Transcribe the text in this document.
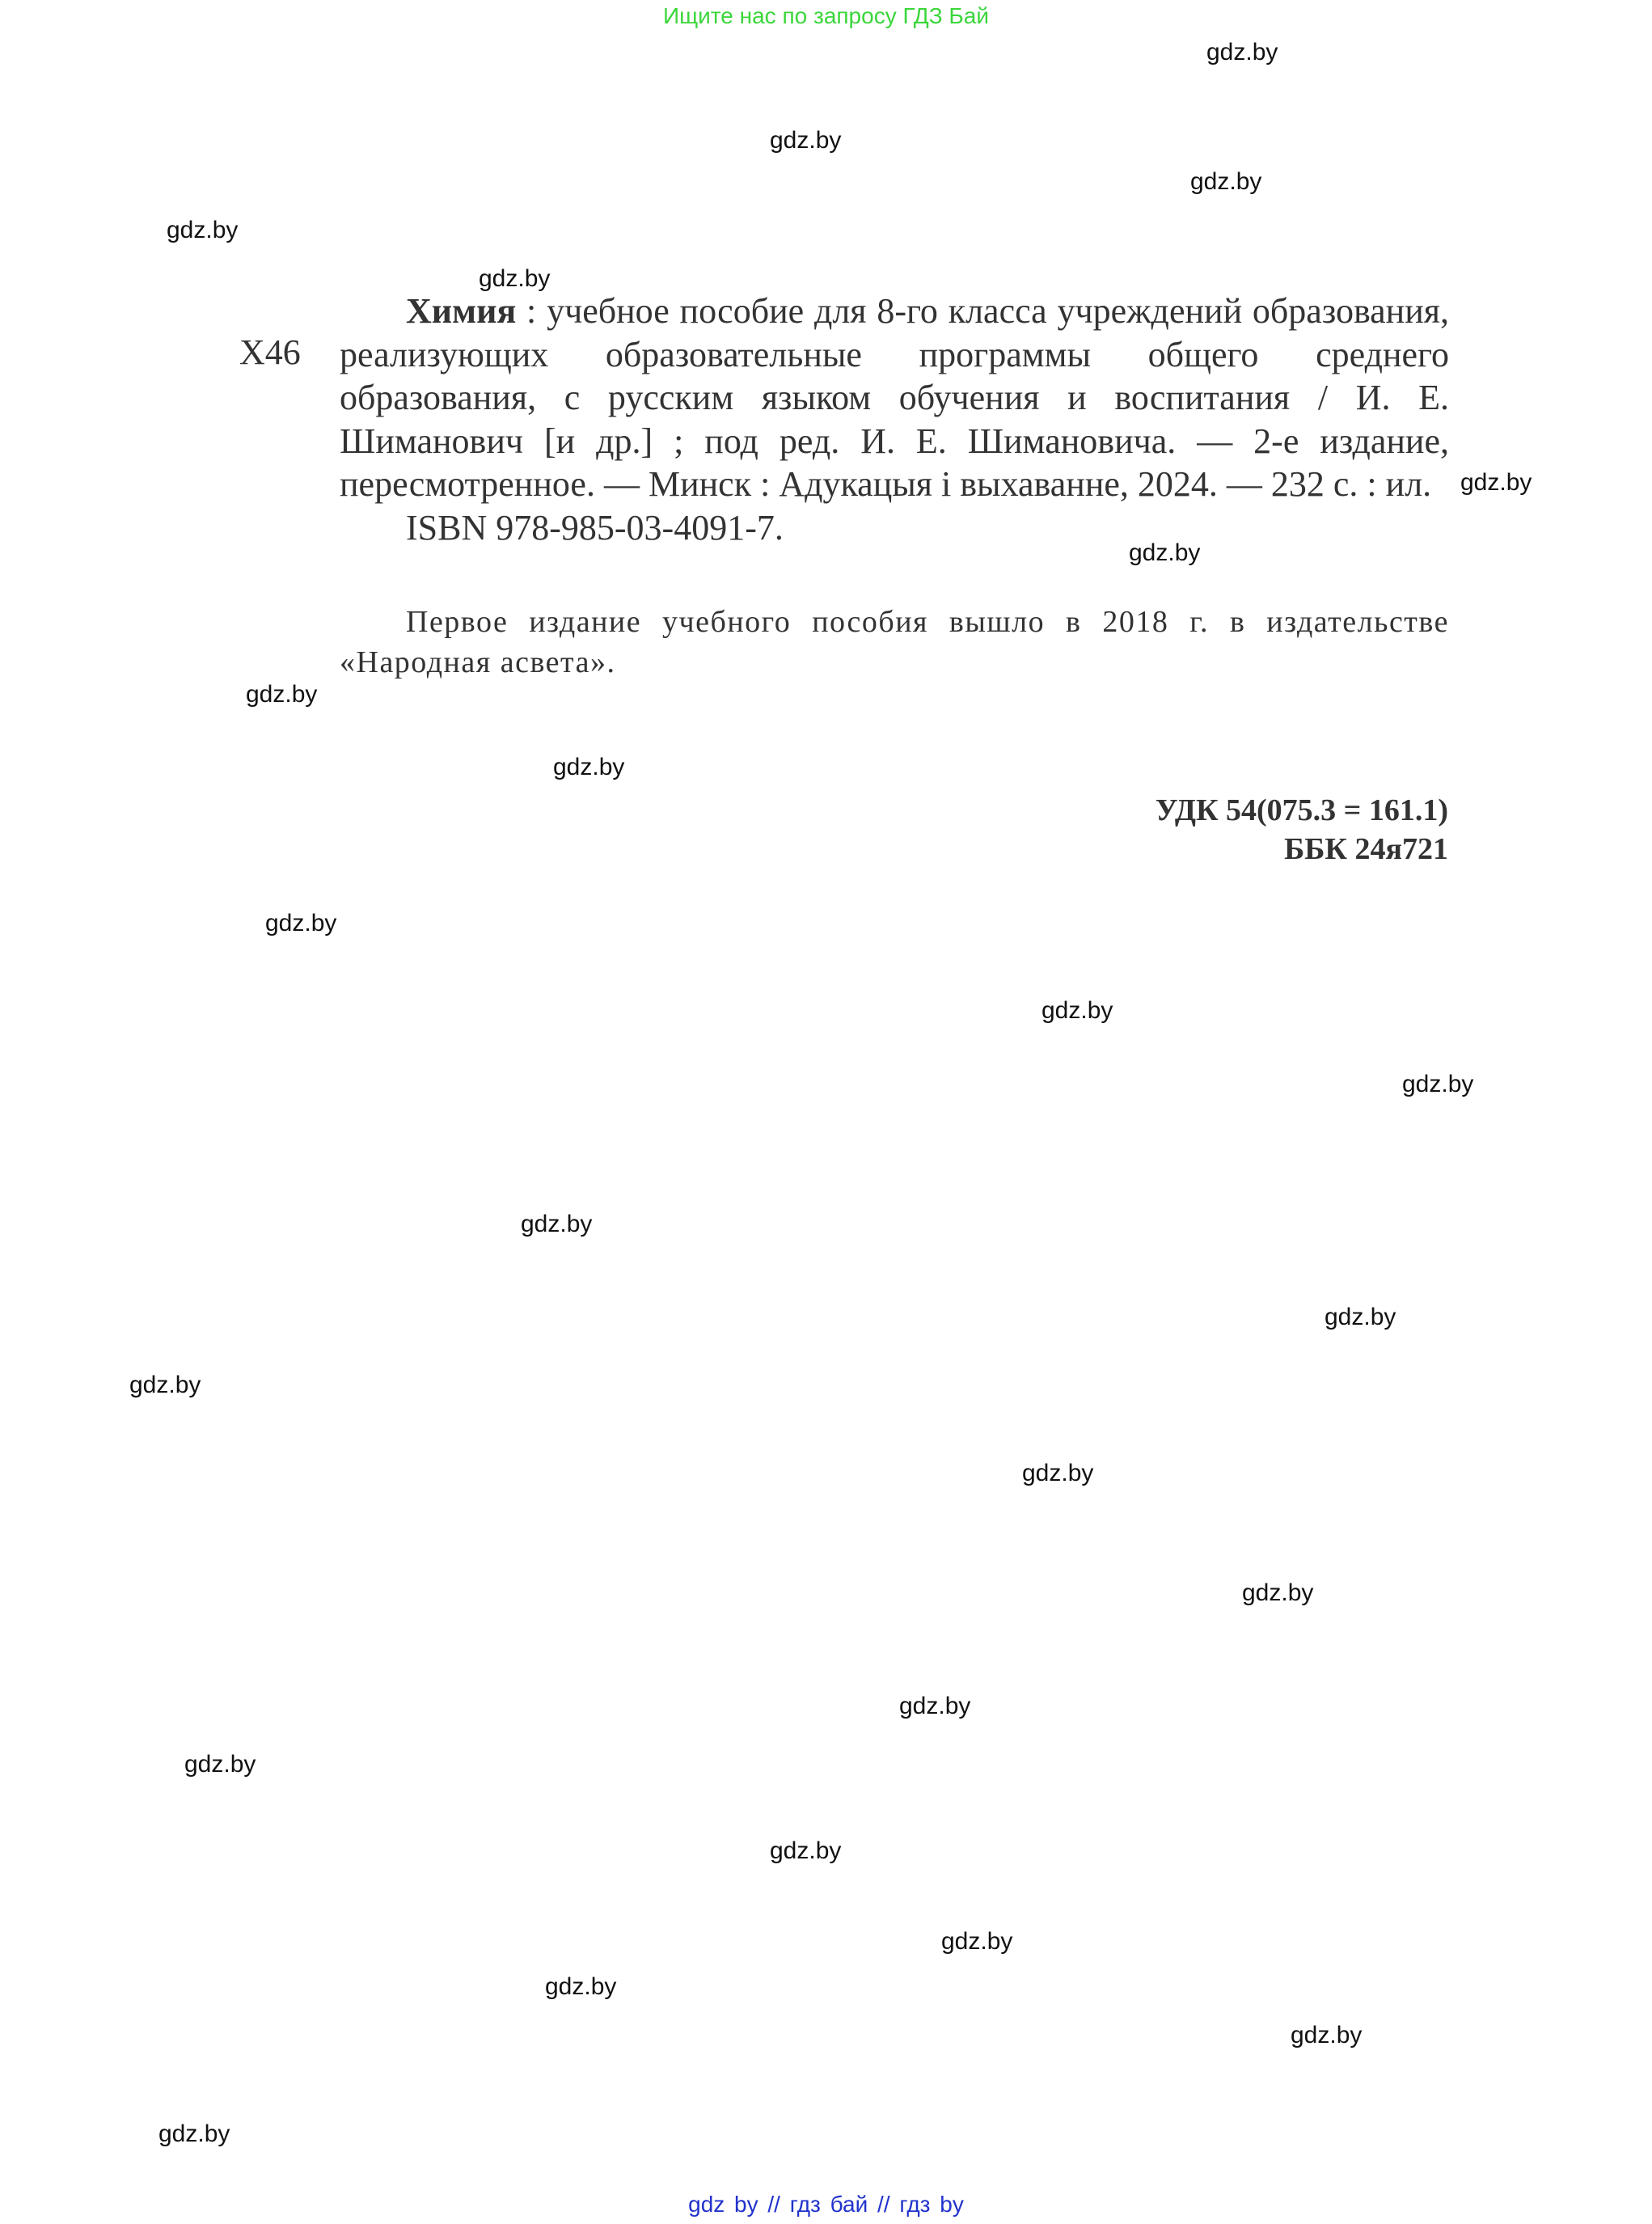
Ищите нас по запросу ГДЗ Бай
gdz.by
gdz.by
gdz.by
gdz.by
gdz.by
gdz.by
gdz.by
gdz.by
gdz.by
gdz.by
gdz.by
gdz.by
gdz.by
gdz.by
gdz.by
gdz.by
gdz.by
gdz.by
gdz.by
gdz.by
gdz.by
gdz.by
gdz.by
gdz.by
Х46

Химия : учебное пособие для 8-го класса учреждений образования, реализующих образовательные программы общего среднего образования, с русским языком обучения и воспитания / И. Е. Шиманович [и др.] ; под ред. И. Е. Шимановича. — 2-е издание, пересмотренное. — Минск : Адукацыя і выхаванне, 2024. — 232 с. : ил.

ISBN 978-985-03-4091-7.

Первое издание учебного пособия вышло в 2018 г. в издательстве «Народная асвета».

УДК 54(075.3 = 161.1)
ББК 24я721
gdz by // гдз бай // гдз by
